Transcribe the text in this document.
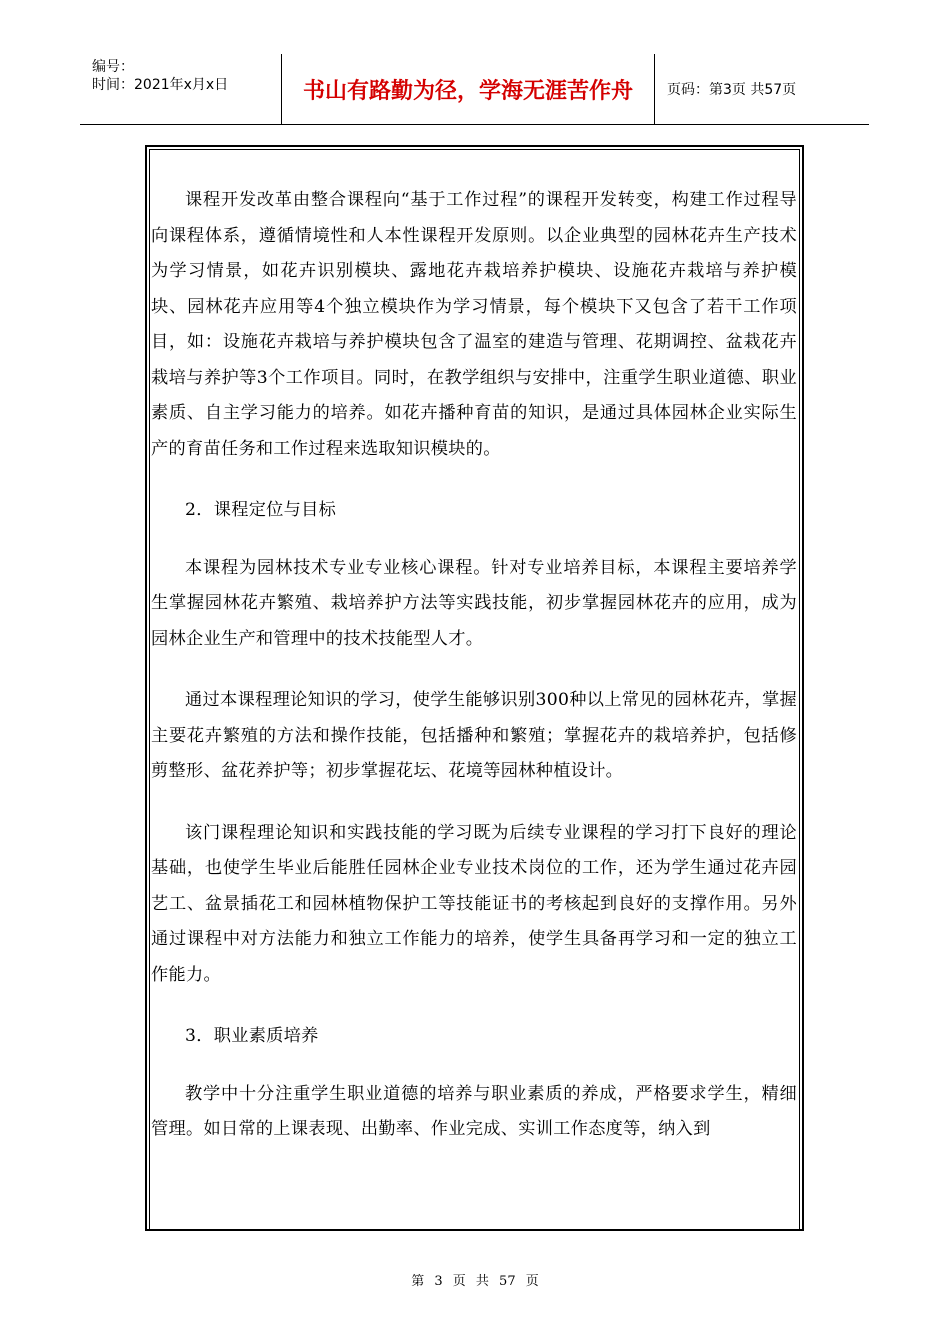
编号：
时间：2021年x月x日	书山有路勤为径，学海无涯苦作舟	页码：第3页 共57页

课程开发改革由整合课程向“基于工作过程”的课程开发转变，构建工作过程导向课程体系，遵循情境性和人本性课程开发原则。以企业典型的园林花卉生产技术为学习情景，如花卉识别模块、露地花卉栽培养护模块、设施花卉栽培与养护模块、园林花卉应用等4个独立模块作为学习情景，每个模块下又包含了若干工作项目，如：设施花卉栽培与养护模块包含了温室的建造与管理、花期调控、盆栽花卉栽培与养护等3个工作项目。同时，在教学组织与安排中，注重学生职业道德、职业素质、自主学习能力的培养。如花卉播种育苗的知识，是通过具体园林企业实际生产的育苗任务和工作过程来选取知识模块的。

2．课程定位与目标

本课程为园林技术专业专业核心课程。针对专业培养目标，本课程主要培养学生掌握园林花卉繁殖、栽培养护方法等实践技能，初步掌握园林花卉的应用，成为园林企业生产和管理中的技术技能型人才。

通过本课程理论知识的学习，使学生能够识别300种以上常见的园林花卉，掌握主要花卉繁殖的方法和操作技能，包括播种和繁殖；掌握花卉的栽培养护，包括修剪整形、盆花养护等；初步掌握花坛、花境等园林种植设计。

该门课程理论知识和实践技能的学习既为后续专业课程的学习打下良好的理论基础，也使学生毕业后能胜任园林企业专业技术岗位的工作，还为学生通过花卉园艺工、盆景插花工和园林植物保护工等技能证书的考核起到良好的支撑作用。另外通过课程中对方法能力和独立工作能力的培养，使学生具备再学习和一定的独立工作能力。

3．职业素质培养

教学中十分注重学生职业道德的培养与职业素质的养成，严格要求学生，精细管理。如日常的上课表现、出勤率、作业完成、实训工作态度等，纳入到

第 3 页 共 57 页
